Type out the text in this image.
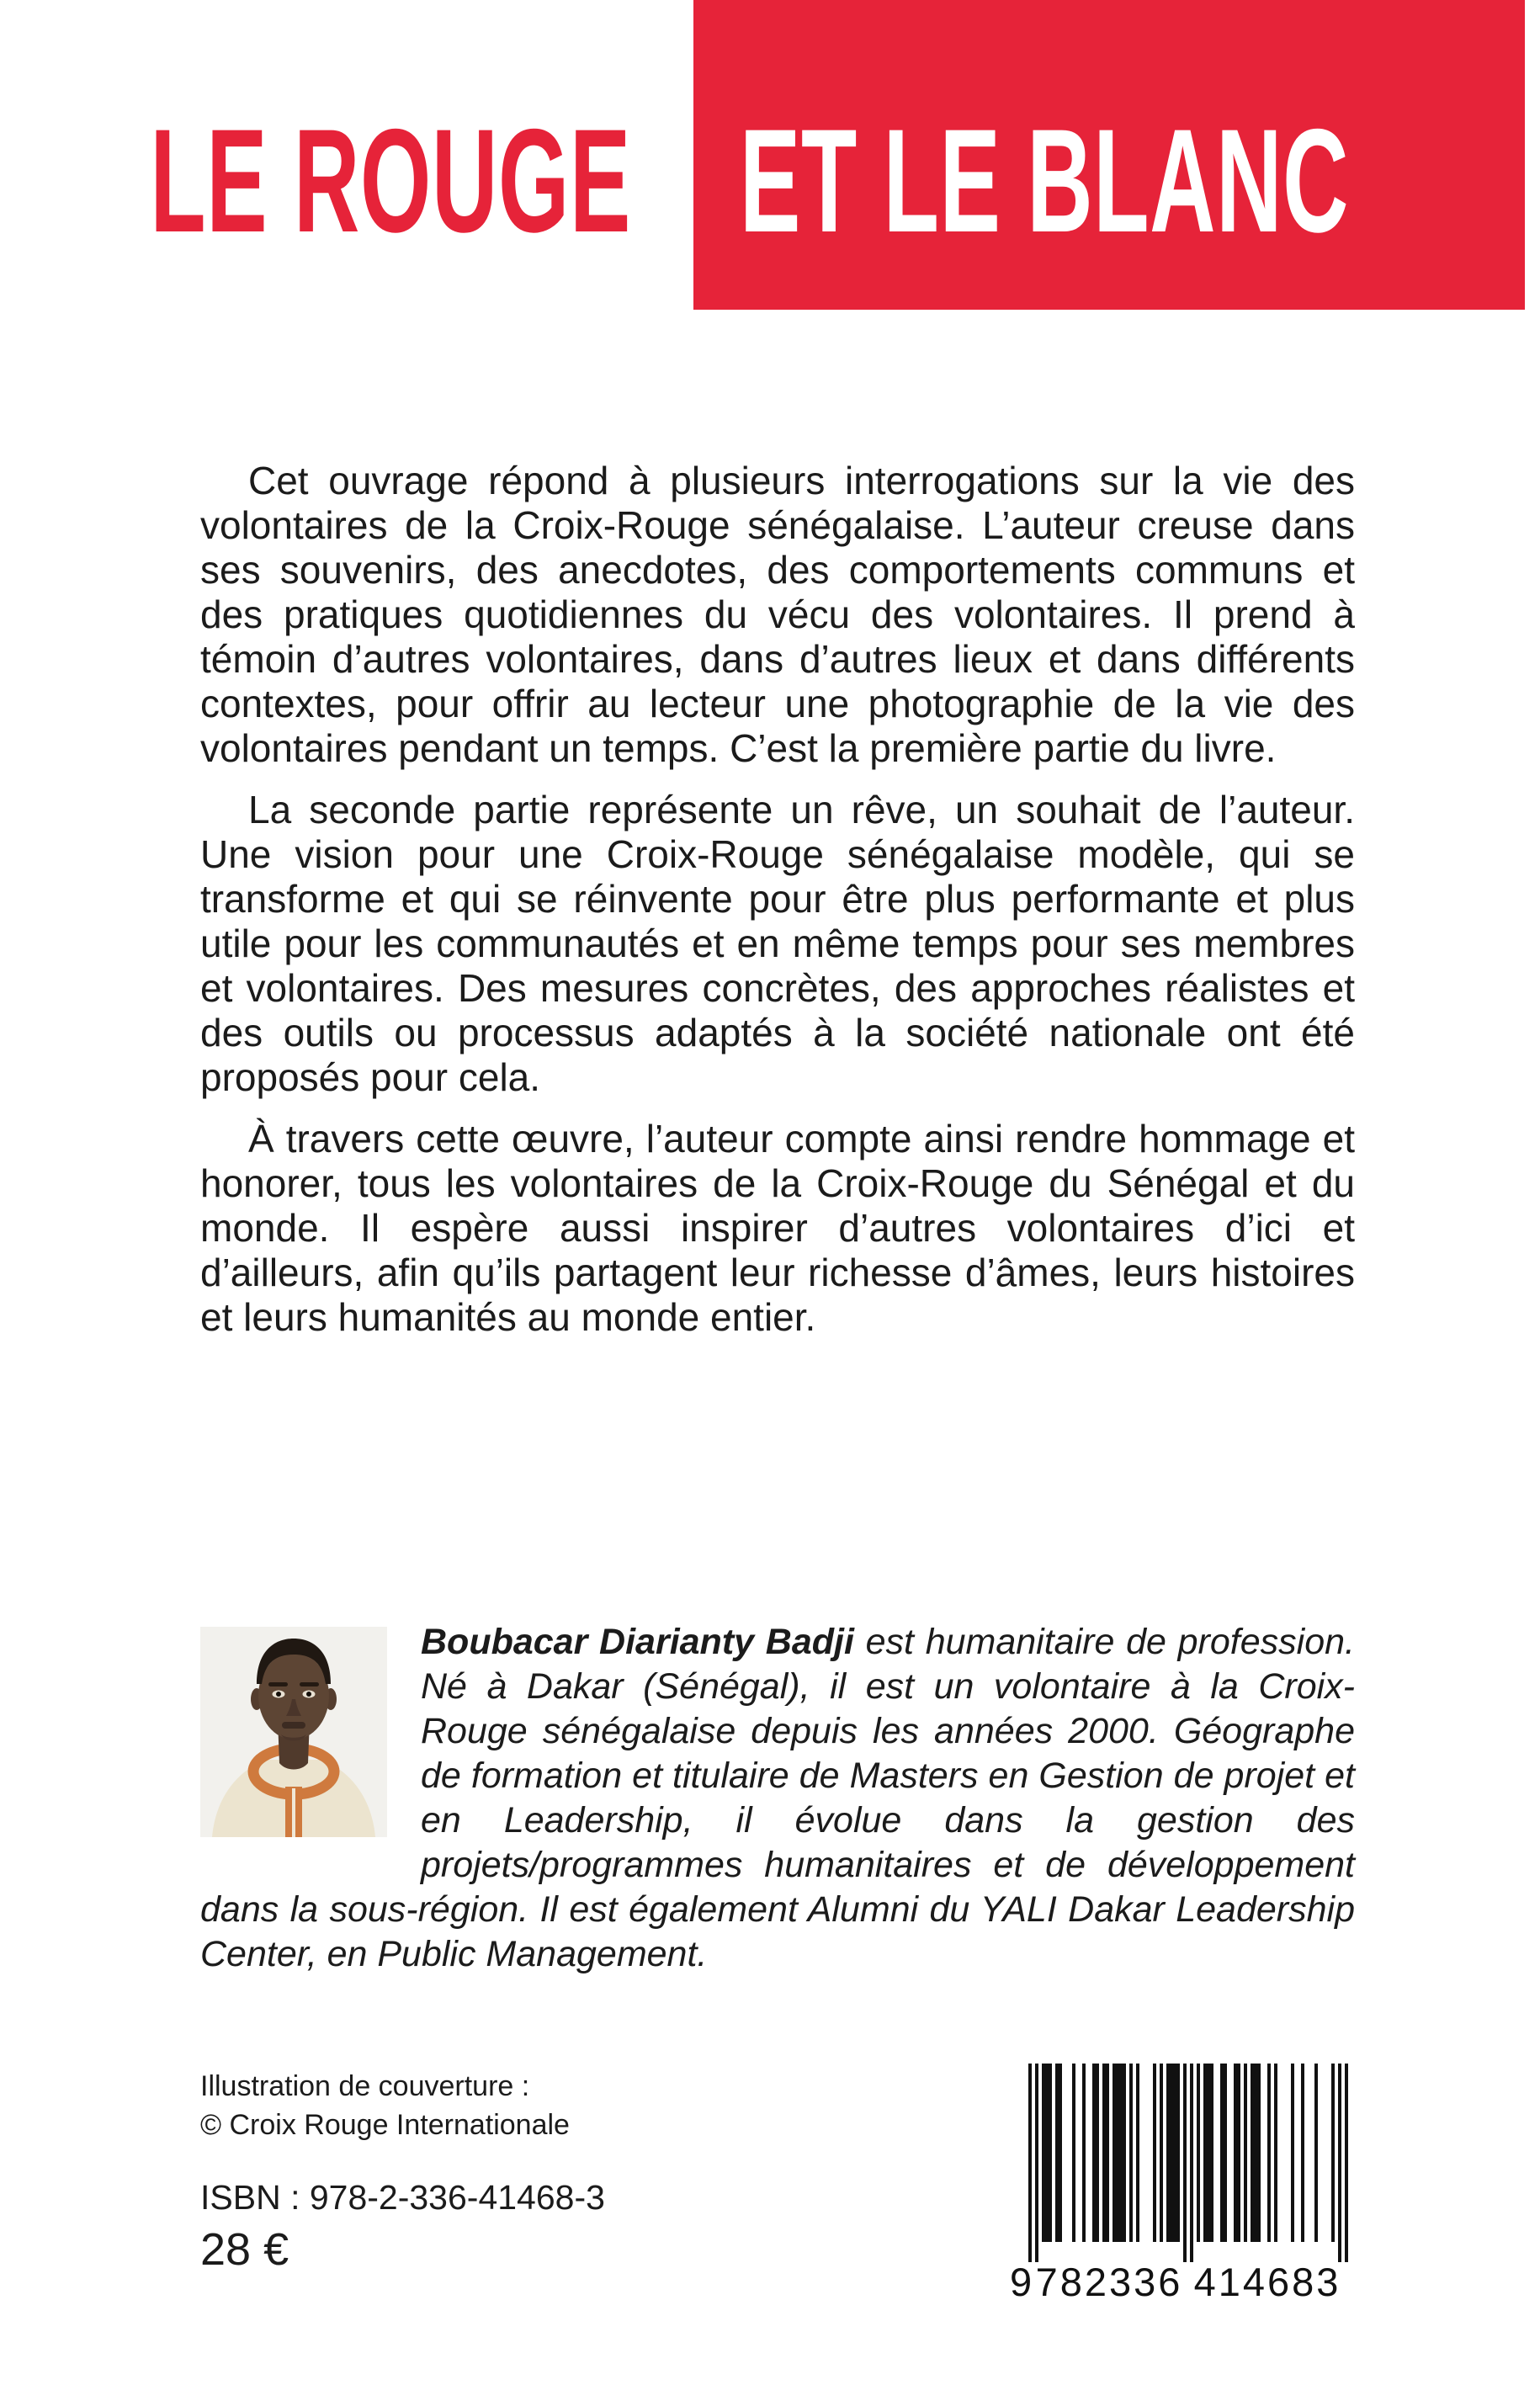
LE ROUGE ET LE BLANC

Cet ouvrage répond à plusieurs interrogations sur la vie des volontaires de la Croix-Rouge sénégalaise. L’auteur creuse dans ses souvenirs, des anecdotes, des comportements communs et des pratiques quotidiennes du vécu des volontaires. Il prend à témoin d’autres volontaires, dans d’autres lieux et dans différents contextes, pour offrir au lecteur une photographie de la vie des volontaires pendant un temps. C’est la première partie du livre.

La seconde partie représente un rêve, un souhait de l’auteur. Une vision pour une Croix-Rouge sénégalaise modèle, qui se transforme et qui se réinvente pour être plus performante et plus utile pour les communautés et en même temps pour ses membres et volontaires. Des mesures concrètes, des approches réalistes et des outils ou processus adaptés à la société nationale ont été proposés pour cela.

À travers cette œuvre, l’auteur compte ainsi rendre hommage et honorer, tous les volontaires de la Croix-Rouge du Sénégal et du monde. Il espère aussi inspirer d’autres volontaires d’ici et d’ailleurs, afin qu’ils partagent leur richesse d’âmes, leurs histoires et leurs humanités au monde entier.

Boubacar Diarianty Badji est humanitaire de profession. Né à Dakar (Sénégal), il est un volontaire à la Croix-Rouge sénégalaise depuis les années 2000. Géographe de formation et titulaire de Masters en Gestion de projet et en Leadership, il évolue dans la gestion des projets/programmes humanitaires et de développement dans la sous-région. Il est également Alumni du YALI Dakar Leadership Center, en Public Management.

Illustration de couverture :
© Croix Rouge Internationale
ISBN : 978-2-336-41468-3
28 €
9 782336 414683
